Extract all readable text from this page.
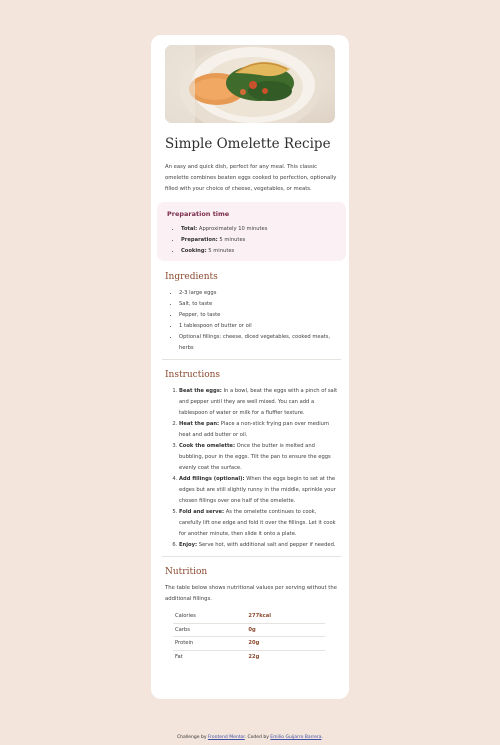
Simple Omelette Recipe

An easy and quick dish, perfect for any meal. This classic omelette combines beaten eggs cooked to perfection, optionally filled with your choice of cheese, vegetables, or meats.

Preparation time
• Total: Approximately 10 minutes
• Preparation: 5 minutes
• Cooking: 5 minutes
Ingredients
• 2-3 large eggs
• Salt, to taste
• Pepper, to taste
• 1 tablespoon of butter or oil
• Optional fillings: cheese, diced vegetables, cooked meats, herbs
Instructions
1. Beat the eggs: In a bowl, beat the eggs with a pinch of salt and pepper until they are well mixed. You can add a tablespoon of water or milk for a fluffier texture.
2. Heat the pan: Place a non-stick frying pan over medium heat and add butter or oil.
3. Cook the omelette: Once the butter is melted and bubbling, pour in the eggs. Tilt the pan to ensure the eggs evenly coat the surface.
4. Add fillings (optional): When the eggs begin to set at the edges but are still slightly runny in the middle, sprinkle your chosen fillings over one half of the omelette.
5. Fold and serve: As the omelette continues to cook, carefully lift one edge and fold it over the fillings. Let it cook for another minute, then slide it onto a plate.
6. Enjoy: Serve hot, with additional salt and pepper if needed.
Nutrition

The table below shows nutritional values per serving without the additional fillings.

Calories	277kcal
Carbs	0g
Protein	20g
Fat	22g
Challenge by Frontend Mentor. Coded by Emilio Guijarro Barrera.
